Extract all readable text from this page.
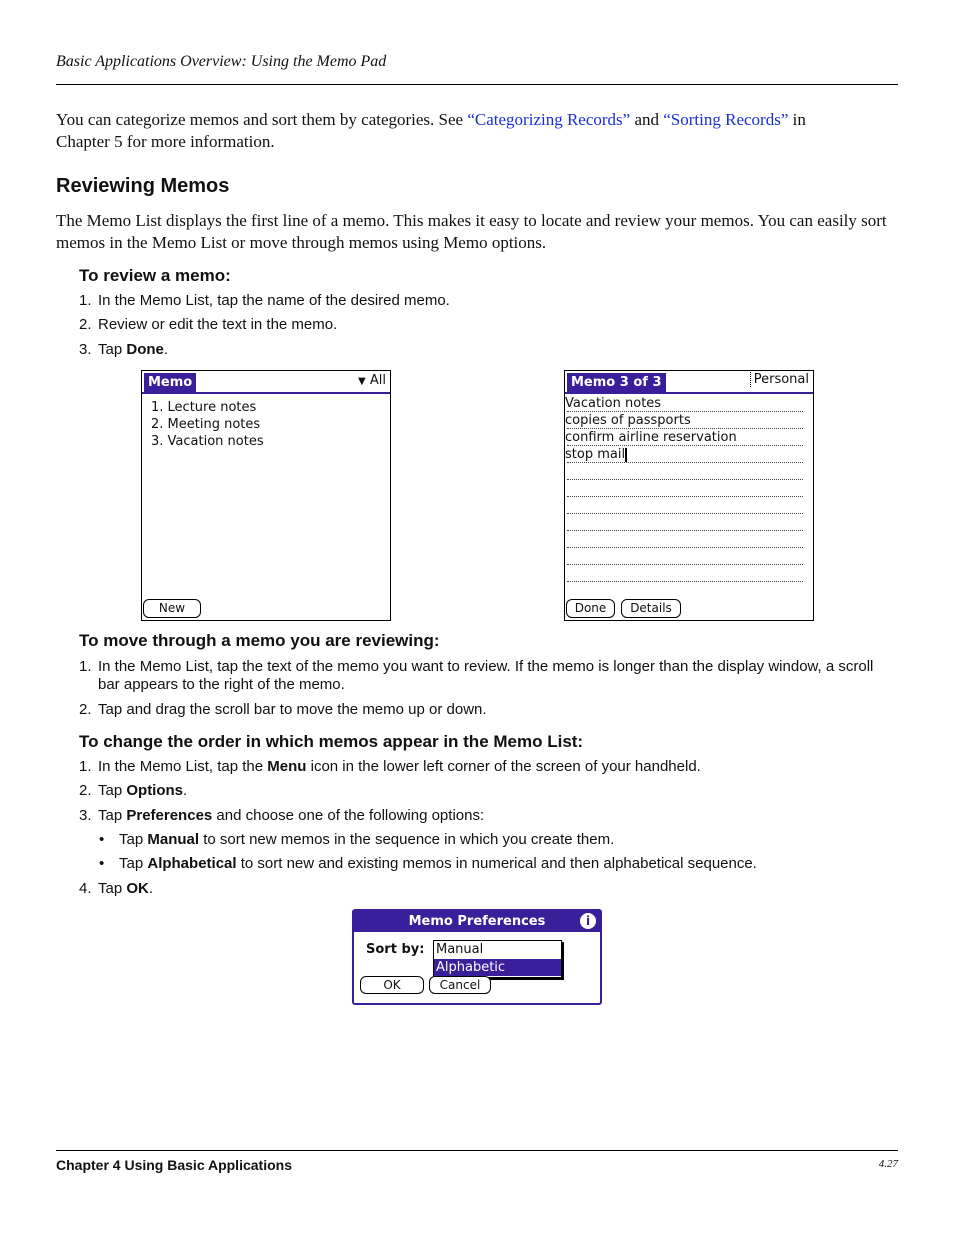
Basic Applications Overview: Using the Memo Pad
You can categorize memos and sort them by categories. See “Categorizing Records” and “Sorting Records” in Chapter 5 for more information.
Reviewing Memos
The Memo List displays the first line of a memo. This makes it easy to locate and review your memos. You can easily sort memos in the Memo List or move through memos using Memo options.
To review a memo:
1. In the Memo List, tap the name of the desired memo.
2. Review or edit the text in the memo.
3. Tap Done.
Memo	▼ All
1. Lecture notes
2. Meeting notes
3. Vacation notes
New
Memo 3 of 3	Personal
Vacation notes
copies of passports
confirm airline reservation
stop mail
Done	Details
To move through a memo you are reviewing:
1. In the Memo List, tap the text of the memo you want to review. If the memo is longer than the display window, a scroll bar appears to the right of the memo.
2. Tap and drag the scroll bar to move the memo up or down.
To change the order in which memos appear in the Memo List:
1. In the Memo List, tap the Menu icon in the lower left corner of the screen of your handheld.
2. Tap Options.
3. Tap Preferences and choose one of the following options:
• Tap Manual to sort new memos in the sequence in which you create them.
• Tap Alphabetical to sort new and existing memos in numerical and then alphabetical sequence.
4. Tap OK.
Memo Preferences	i
Sort by: Manual
Alphabetic
OK	Cancel
Chapter 4 Using Basic Applications	4.27
